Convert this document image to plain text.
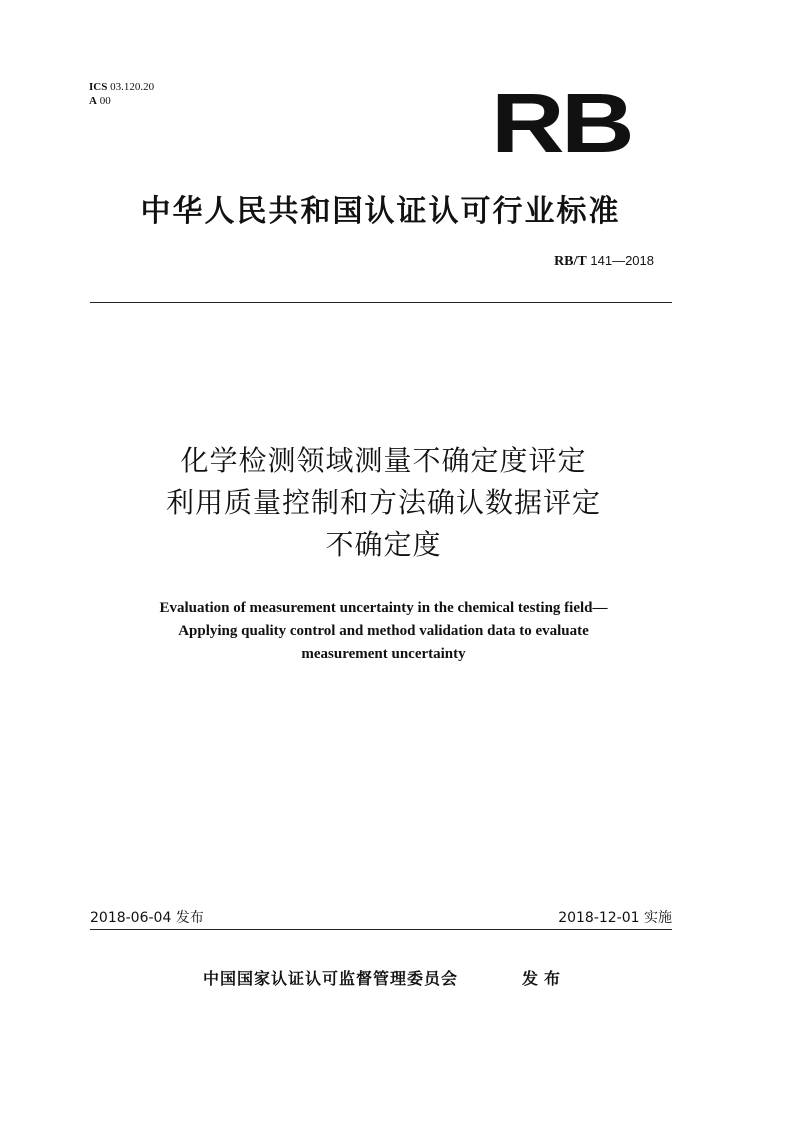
ICS 03.120.20
A 00	RB
中华人民共和国认证认可行业标准
RB/T 141—2018
化学检测领域测量不确定度评定
利用质量控制和方法确认数据评定
不确定度
Evaluation of measurement uncertainty in the chemical testing field—
Applying quality control and method validation data to evaluate
measurement uncertainty
2018-06-04 发布	2018-12-01 实施
中国国家认证认可监督管理委员会	发布
